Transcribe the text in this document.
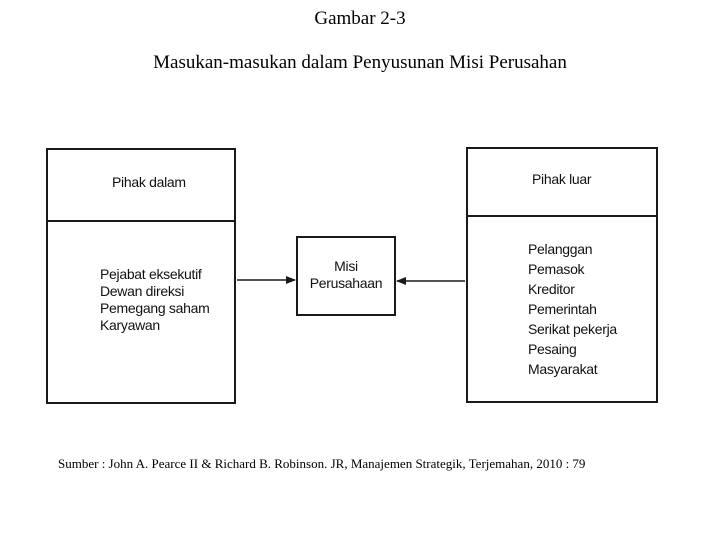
Gambar 2-3
Masukan-masukan dalam Penyusunan Misi Perusahan
Pihak dalam
Pejabat eksekutif
Dewan direksi
Pemegang saham
Karyawan
Misi
Perusahaan
Pihak luar
Pelanggan
Pemasok
Kreditor
Pemerintah
Serikat pekerja
Pesaing
Masyarakat
Sumber : John A. Pearce II & Richard B. Robinson. JR, Manajemen Strategik, Terjemahan, 2010 : 79
